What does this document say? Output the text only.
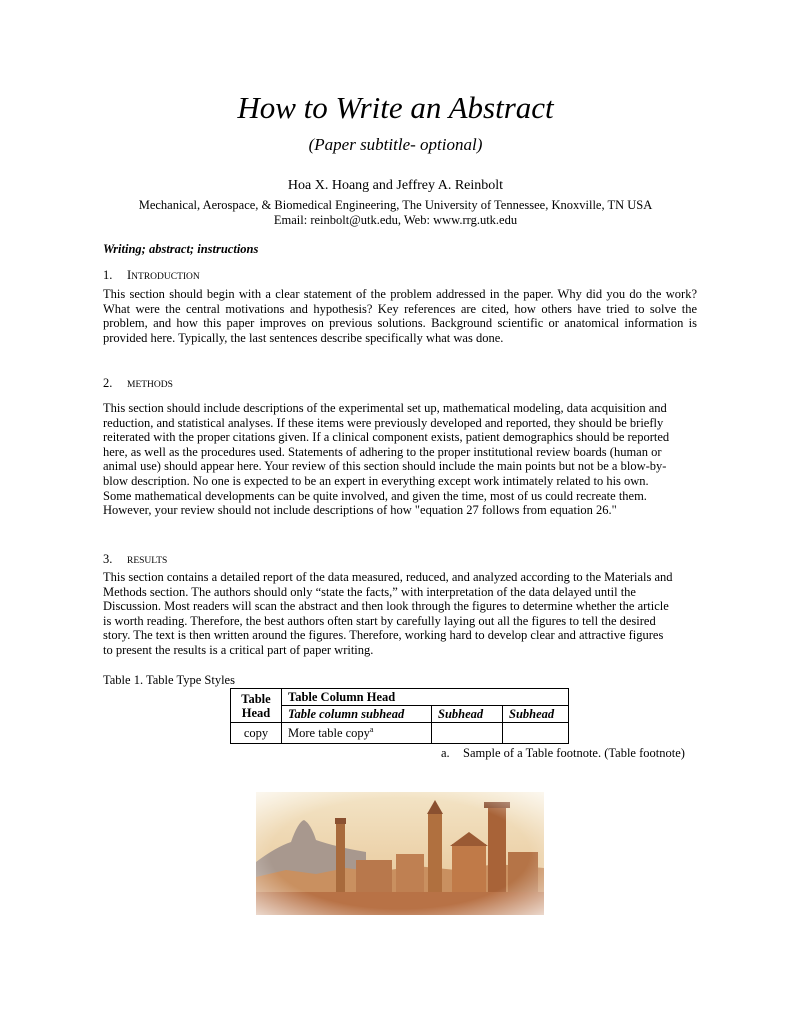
How to Write an Abstract
(Paper subtitle- optional)
Hoa X. Hoang and Jeffrey A. Reinbolt
Mechanical, Aerospace, & Biomedical Engineering, The University of Tennessee, Knoxville, TN USA
Email: reinbolt@utk.edu, Web: www.rrg.utk.edu
Writing; abstract; instructions
1. INTRODUCTION
This section should begin with a clear statement of the problem addressed in the paper. Why did you do the work?
What were the central motivations and hypothesis? Key references are cited, how others have tried to solve the
problem, and how this paper improves on previous solutions. Background scientific or anatomical information is
provided here. Typically, the last sentences describe specifically what was done.
2. METHODS
This section should include descriptions of the experimental set up, mathematical modeling, data acquisition and
reduction, and statistical analyses. If these items were previously developed and reported, they should be briefly
reiterated with the proper citations given. If a clinical component exists, patient demographics should be reported
here, as well as the procedures used. Statements of adhering to the proper institutional review boards (human or
animal use) should appear here. Your review of this section should include the main points but not be a blow-by-
blow description. No one is expected to be an expert in everything except work intimately related to his own.
Some mathematical developments can be quite involved, and given the time, most of us could recreate them.
However, your review should not include descriptions of how "equation 27 follows from equation 26."
3. RESULTS
This section contains a detailed report of the data measured, reduced, and analyzed according to the Materials and
Methods section. The authors should only “state the facts,” with interpretation of the data delayed until the
Discussion. Most readers will scan the abstract and then look through the figures to determine whether the article
is worth reading. Therefore, the best authors often start by carefully laying out all the figures to tell the desired
story. The text is then written around the figures. Therefore, working hard to develop clear and attractive figures
to present the results is a critical part of paper writing.
Table 1. Table Type Styles
Table
Head	Table Column Head		
	Table column subhead	Subhead	Subhead
copy	More table copy$^a$		
a. Sample of a Table footnote. (Table footnote)
